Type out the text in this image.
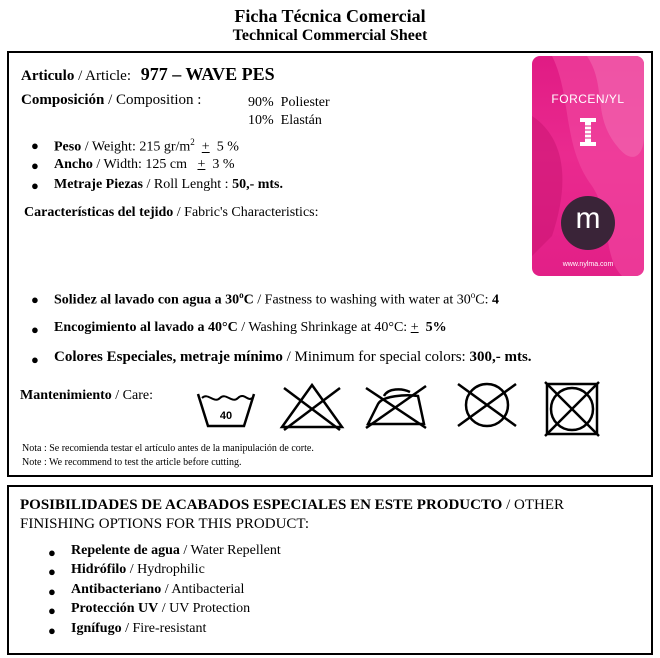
Ficha Técnica Comercial
Technical Commercial Sheet
Articulo / Article: 977 – WAVE PES
Composición / Composition :	90% Poliester
10% Elastán
● Peso / Weight: 215 $gr/m^2 + 5$ %
● Ancho / Width: 125 cm + 3 %
● Metraje Piezas / Roll Lenght : 50,- mts.
Características del tejido / Fabric's Characteristics:
FORCEN/YL
m
www.nylma.com
● Solidez al lavado con agua a 30$^o$C / Fastness to washing with water at 30$^o$C: 4
● Encogimiento al lavado a 40°C / Washing Shrinkage at 40°C: + 5%
● Colores Especiales, metraje mínimo / Minimum for special colors: 300,- mts.
Mantenimiento / Care:
40
Nota : Se recomienda testar el artículo antes de la manipulación de corte.
Note : We recommend to test the article before cutting.
POSIBILIDADES DE ACABADOS ESPECIALES EN ESTE PRODUCTO / OTHER
FINISHING OPTIONS FOR THIS PRODUCT:
● Repelente de agua / Water Repellent
● Hidrófilo / Hydrophilic
● Antibacteriano / Antibacterial
● Protección UV / UV Protection
● Ignífugo / Fire-resistant
